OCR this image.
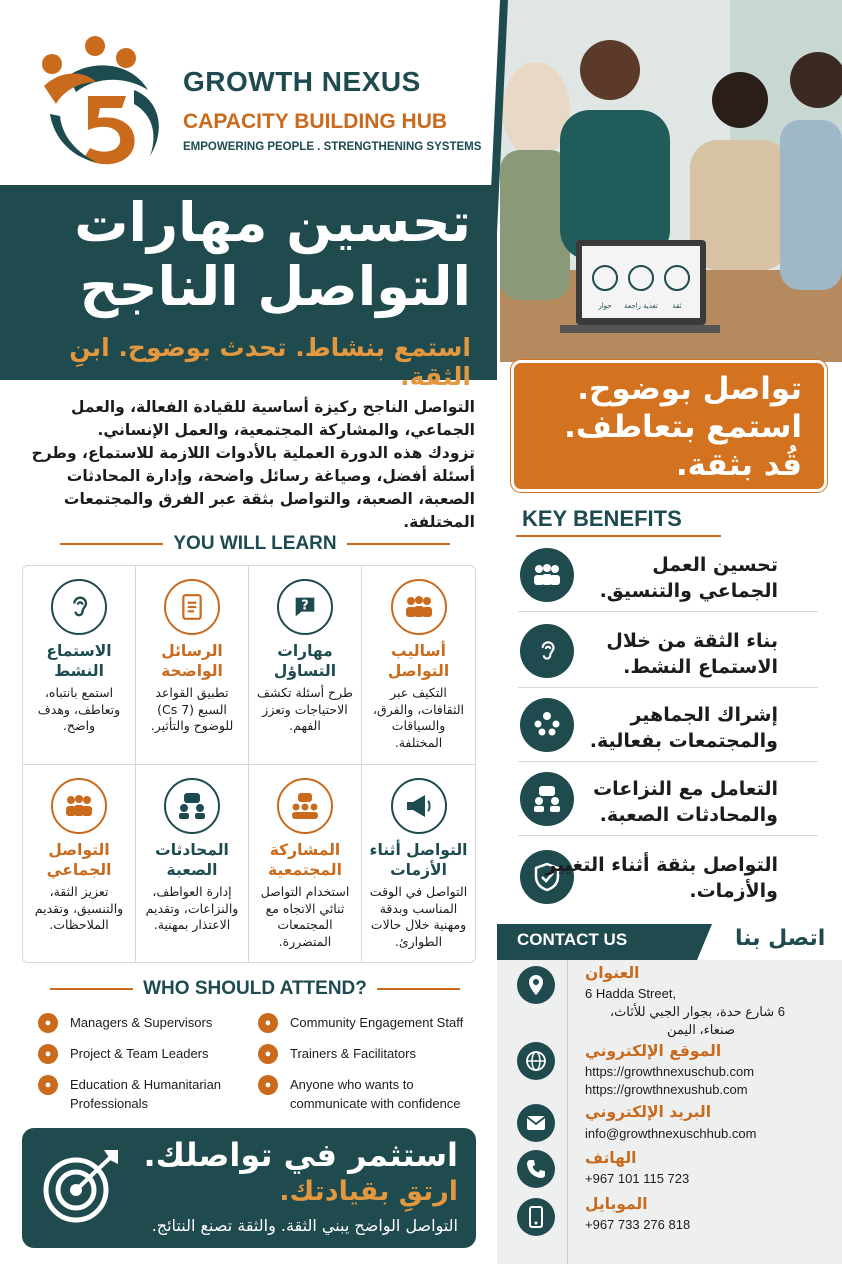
GROWTH NEXUS
CAPACITY BUILDING HUB
EMPOWERING PEOPLE . STRENGTHENING SYSTEMS
حوار تغذية راجعة ثقة
تحسين مهارات
التواصل الناجح
استمع بنشاط. تحدث بوضوح. ابنِ الثقة.	تواصل بوضوح.
استمع بتعاطف.
قُد بثقة.

التواصل الناجح ركيزة أساسية للقيادة الفعالة، والعمل الجماعي، والمشاركة المجتمعية، والعمل الإنساني.

تزودك هذه الدورة العملية بالأدوات اللازمة للاستماع، وطرح أسئلة أفضل، وصياغة رسائل واضحة، وإدارة المحادثات الصعبة، الصعبة، والتواصل بثقة عبر الفرق والمجتمعات المختلفة.

YOU WILL LEARN
الاستماع النشط
استمع بانتباه، وتعاطف، وهدف واضح.
الرسائل الواضحة
تطبيق القواعد السبع (7 Cs) للوضوح والتأثير.
?
مهارات التساؤل
طرح أسئلة تكشف الاحتياجات وتعزز الفهم.
أساليب التواصل
التكيف عبر الثقافات، والفرق، والسياقات المختلفة.
التواصل الجماعي
تعزيز الثقة، والتنسيق، وتقديم الملاحظات.
المحادثات الصعبة
إدارة العواطف، والنزاعات، وتقديم الاعتذار بمهنية.
المشاركة المجتمعية
استخدام التواصل ثنائي الاتجاه مع المجتمعات المتضررة.
التواصل أثناء الأزمات
التواصل في الوقت المناسب وبدقة ومهنية خلال حالات الطوارئ.
WHO SHOULD ATTEND?
●	Managers & Supervisors
●	Project & Team Leaders
●	Education & Humanitarian Professionals
●	Community Engagement Staff
●	Trainers & Facilitators
●	Anyone who wants to communicate with confidence
استثمر في تواصلك.
ارتقِ بقيادتك.
التواصل الواضح يبني الثقة. والثقة تصنع النتائج.
KEY BENEFITS
تحسين العمل الجماعي والتنسيق.
بناء الثقة من خلال الاستماع النشط.
إشراك الجماهير والمجتمعات بفعالية.
التعامل مع النزاعات والمحادثات الصعبة.
التواصل بثقة أثناء التغيير والأزمات.
CONTACT US	اتصل بنا
العنوان
6 Hadda Street,
6 شارع حدة، بجوار الجبي للأثاث،
صنعاء، اليمن
الموقع الإلكتروني
https://growthnexuschub.com
https://growthnexushub.com
البريد الإلكتروني
info@growthnexuschhub.com
الهاتف
+967 101 115 723
الموبايل
+967 733 276 818
